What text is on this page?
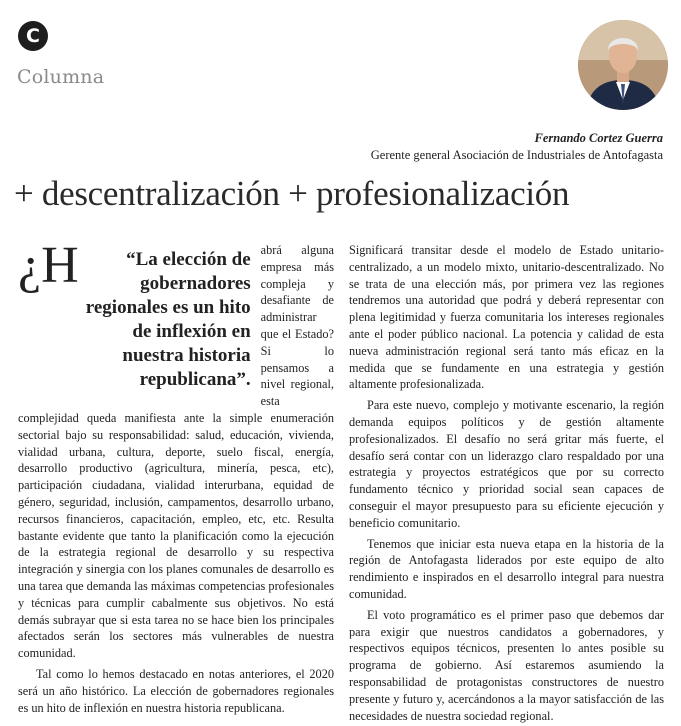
C
Columna
Fernando Cortez Guerra
Gerente general Asociación de Industriales de Antofagasta
+ descentralización + profesionalización
¿H	“La elección de gobernadores regionales es un hito de inflexión en nuestra historia republicana”.
abrá alguna empresa más compleja y desafiante de administrar que el Estado? Si lo pensamos a nivel regional, esta complejidad queda manifiesta ante la simple enumeración sectorial bajo su responsabilidad: salud, educación, vivienda, vialidad urbana, cultura, deporte, suelo fiscal, energía, desarrollo productivo (agricultura, minería, pesca, etc), participación ciudadana, vialidad interurbana, equidad de género, seguridad, inclusión, campamentos, desarrollo urbano, recursos financieros, capacitación, empleo, etc, etc. Resulta bastante evidente que tanto la planificación como la ejecución de la estrategia regional de desarrollo y su respectiva integración y sinergia con los planes comunales de desarrollo es una tarea que demanda las máximas competencias profesionales y técnicas para cumplir cabalmente sus objetivos. No está demás subrayar que si esta tarea no se hace bien los principales afectados serán los sectores más vulnerables de nuestra comunidad.

Tal como lo hemos destacado en notas anteriores, el 2020 será un año histórico. La elección de gobernadores regionales es un hito de inflexión en nuestra historia republicana.

Significará transitar desde el modelo de Estado unitario-centralizado, a un modelo mixto, unitario-descentralizado. No se trata de una elección más, por primera vez las regiones tendremos una autoridad que podrá y deberá representar con plena legitimidad y fuerza comunitaria los intereses regionales ante el poder público nacional. La potencia y calidad de esta nueva administración regional será tanto más eficaz en la medida que se fundamente en una estrategia y gestión altamente profesionalizada.

Para este nuevo, complejo y motivante escenario, la región demanda equipos políticos y de gestión altamente profesionalizados. El desafío no será gritar más fuerte, el desafío será contar con un liderazgo claro respaldado por una estrategia y proyectos estratégicos que por su correcto fundamento técnico y prioridad social sean capaces de conseguir el mayor presupuesto para su eficiente ejecución y beneficio comunitario.

Tenemos que iniciar esta nueva etapa en la historia de la región de Antofagasta liderados por este equipo de alto rendimiento e inspirados en el desarrollo integral para nuestra comunidad.

El voto programático es el primer paso que debemos dar para exigir que nuestros candidatos a gobernadores, y respectivos equipos técnicos, presenten lo antes posible su programa de gobierno. Así estaremos asumiendo la responsabilidad de protagonistas constructores de nuestro presente y futuro y, acercándonos a la mayor satisfacción de las necesidades de nuestra sociedad regional.
